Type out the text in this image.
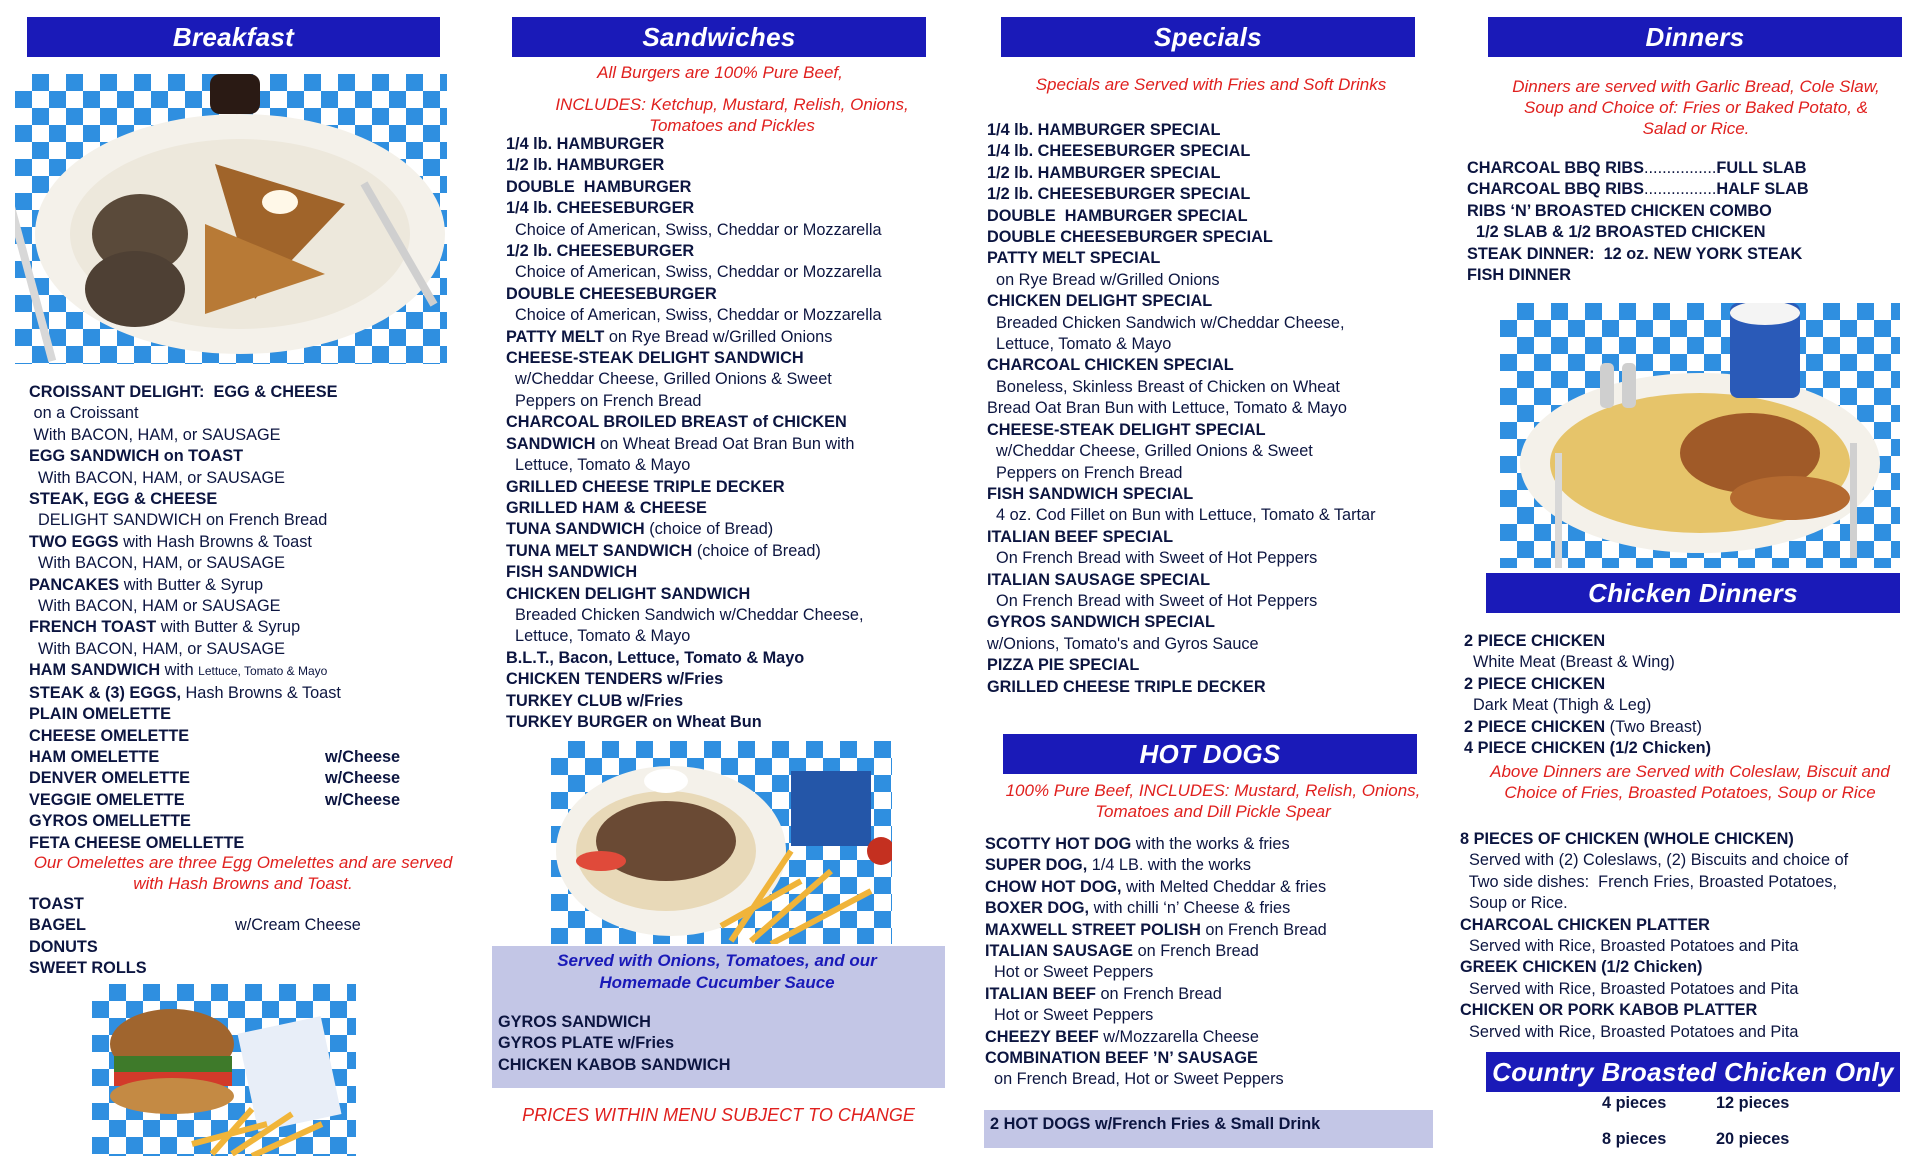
Breakfast
CROISSANT DELIGHT:  EGG & CHEESE
on a Croissant
With BACON, HAM, or SAUSAGE
EGG SANDWICH on TOAST
With BACON, HAM, or SAUSAGE
STEAK, EGG & CHEESE
DELIGHT SANDWICH on French Bread
TWO EGGS with Hash Browns & Toast
With BACON, HAM, or SAUSAGE
PANCAKES with Butter & Syrup
With BACON, HAM or SAUSAGE
FRENCH TOAST with Butter & Syrup
With BACON, HAM, or SAUSAGE
HAM SANDWICH with Lettuce, Tomato & Mayo
STEAK & (3) EGGS, Hash Browns & Toast
PLAIN OMELETTE
CHEESE OMELETTE
HAM OMELETTE	w/Cheese
DENVER OMELETTE	w/Cheese
VEGGIE OMELETTE	w/Cheese
GYROS OMELLETTE
FETA CHEESE OMELLETTE
Our Omelettes are three Egg Omelettes and are served with Hash Browns and Toast.
TOAST
BAGEL	w/Cream Cheese
DONUTS
SWEET ROLLS
Sandwiches
All Burgers are 100% Pure Beef,
INCLUDES: Ketchup, Mustard, Relish, Onions, Tomatoes and Pickles
1/4 lb. HAMBURGER
1/2 lb. HAMBURGER
DOUBLE  HAMBURGER
1/4 lb. CHEESEBURGER
Choice of American, Swiss, Cheddar or Mozzarella
1/2 lb. CHEESEBURGER
Choice of American, Swiss, Cheddar or Mozzarella
DOUBLE CHEESEBURGER
Choice of American, Swiss, Cheddar or Mozzarella
PATTY MELT on Rye Bread w/Grilled Onions
CHEESE-STEAK DELIGHT SANDWICH
w/Cheddar Cheese, Grilled Onions & Sweet
Peppers on French Bread
CHARCOAL BROILED BREAST of CHICKEN
SANDWICH on Wheat Bread Oat Bran Bun with
Lettuce, Tomato & Mayo
GRILLED CHEESE TRIPLE DECKER
GRILLED HAM & CHEESE
TUNA SANDWICH (choice of Bread)
TUNA MELT SANDWICH (choice of Bread)
FISH SANDWICH
CHICKEN DELIGHT SANDWICH
Breaded Chicken Sandwich w/Cheddar Cheese,
Lettuce, Tomato & Mayo
B.L.T., Bacon, Lettuce, Tomato & Mayo
CHICKEN TENDERS w/Fries
TURKEY CLUB w/Fries
TURKEY BURGER on Wheat Bun
Served with Onions, Tomatoes, and our Homemade Cucumber Sauce
GYROS SANDWICH
GYROS PLATE w/Fries
CHICKEN KABOB SANDWICH
PRICES WITHIN MENU SUBJECT TO CHANGE
Specials
Specials are Served with Fries and Soft Drinks
1/4 lb. HAMBURGER SPECIAL
1/4 lb. CHEESEBURGER SPECIAL
1/2 lb. HAMBURGER SPECIAL
1/2 lb. CHEESEBURGER SPECIAL
DOUBLE  HAMBURGER SPECIAL
DOUBLE CHEESEBURGER SPECIAL
PATTY MELT SPECIAL
on Rye Bread w/Grilled Onions
CHICKEN DELIGHT SPECIAL
Breaded Chicken Sandwich w/Cheddar Cheese,
Lettuce, Tomato & Mayo
CHARCOAL CHICKEN SPECIAL
Boneless, Skinless Breast of Chicken on Wheat
Bread Oat Bran Bun with Lettuce, Tomato & Mayo
CHEESE-STEAK DELIGHT SPECIAL
w/Cheddar Cheese, Grilled Onions & Sweet
Peppers on French Bread
FISH SANDWICH SPECIAL
4 oz. Cod Fillet on Bun with Lettuce, Tomato & Tartar
ITALIAN BEEF SPECIAL
On French Bread with Sweet of Hot Peppers
ITALIAN SAUSAGE SPECIAL
On French Bread with Sweet of Hot Peppers
GYROS SANDWICH SPECIAL
w/Onions, Tomato's and Gyros Sauce
PIZZA PIE SPECIAL
GRILLED CHEESE TRIPLE DECKER
HOT DOGS
100% Pure Beef, INCLUDES: Mustard, Relish, Onions, Tomatoes and Dill Pickle Spear
SCOTTY HOT DOG with the works & fries
SUPER DOG, 1/4 LB. with the works
CHOW HOT DOG, with Melted Cheddar & fries
BOXER DOG, with chilli ‘n’ Cheese & fries
MAXWELL STREET POLISH on French Bread
ITALIAN SAUSAGE on French Bread
Hot or Sweet Peppers
ITALIAN BEEF on French Bread
Hot or Sweet Peppers
CHEEZY BEEF w/Mozzarella Cheese
COMBINATION BEEF ’N’ SAUSAGE
on French Bread, Hot or Sweet Peppers
2 HOT DOGS w/French Fries & Small Drink
Dinners
Dinners are served with Garlic Bread, Cole Slaw, Soup and Choice of: Fries or Baked Potato, & Salad or Rice.
CHARCOAL BBQ RIBS................FULL SLAB
CHARCOAL BBQ RIBS................HALF SLAB
RIBS ‘N’ BROASTED CHICKEN COMBO
1/2 SLAB & 1/2 BROASTED CHICKEN
STEAK DINNER:  12 oz. NEW YORK STEAK
FISH DINNER
Chicken Dinners
2 PIECE CHICKEN
White Meat (Breast & Wing)
2 PIECE CHICKEN
Dark Meat (Thigh & Leg)
2 PIECE CHICKEN (Two Breast)
4 PIECE CHICKEN (1/2 Chicken)
Above Dinners are Served with Coleslaw, Biscuit and Choice of Fries, Broasted Potatoes, Soup or Rice
8 PIECES OF CHICKEN (WHOLE CHICKEN)
Served with (2) Coleslaws, (2) Biscuits and choice of
Two side dishes:  French Fries, Broasted Potatoes,
Soup or Rice.
CHARCOAL CHICKEN PLATTER
Served with Rice, Broasted Potatoes and Pita
GREEK CHICKEN (1/2 Chicken)
Served with Rice, Broasted Potatoes and Pita
CHICKEN OR PORK KABOB PLATTER
Served with Rice, Broasted Potatoes and Pita
Country Broasted Chicken Only
4 pieces	12 pieces
8 pieces	20 pieces
